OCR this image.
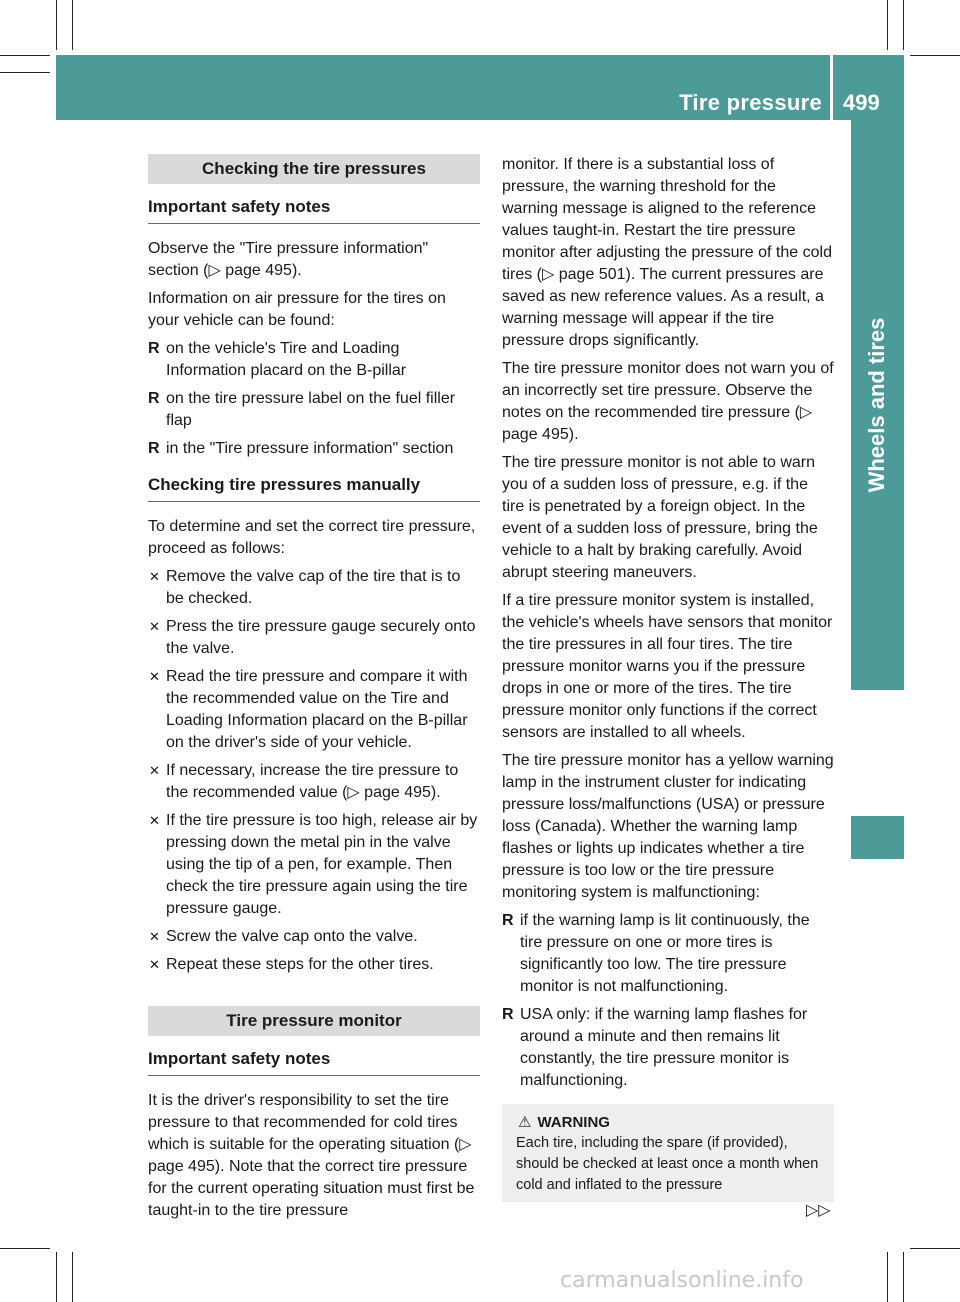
Tire pressure 499
Wheels and tires
Checking the tire pressures
Important safety notes

Observe the "Tire pressure information" section (▷ page 495).

Information on air pressure for the tires on your vehicle can be found:

R on the vehicle's Tire and Loading Information placard on the B-pillar
R on the tire pressure label on the fuel filler flap
R in the "Tire pressure information" section
Checking tire pressures manually

To determine and set the correct tire pressure, proceed as follows:

✕ Remove the valve cap of the tire that is to be checked.
✕ Press the tire pressure gauge securely onto the valve.
✕ Read the tire pressure and compare it with the recommended value on the Tire and Loading Information placard on the B-pillar on the driver's side of your vehicle.
✕ If necessary, increase the tire pressure to the recommended value (▷ page 495).
✕ If the tire pressure is too high, release air by pressing down the metal pin in the valve using the tip of a pen, for example. Then check the tire pressure again using the tire pressure gauge.
✕ Screw the valve cap onto the valve.
✕ Repeat these steps for the other tires.
Tire pressure monitor
Important safety notes

It is the driver's responsibility to set the tire pressure to that recommended for cold tires which is suitable for the operating situation (▷ page 495). Note that the correct tire pressure for the current operating situation must first be taught-in to the tire pressure

monitor. If there is a substantial loss of pressure, the warning threshold for the warning message is aligned to the reference values taught-in. Restart the tire pressure monitor after adjusting the pressure of the cold tires (▷ page 501). The current pressures are saved as new reference values. As a result, a warning message will appear if the tire pressure drops significantly.

The tire pressure monitor does not warn you of an incorrectly set tire pressure. Observe the notes on the recommended tire pressure (▷ page 495).

The tire pressure monitor is not able to warn you of a sudden loss of pressure, e.g. if the tire is penetrated by a foreign object. In the event of a sudden loss of pressure, bring the vehicle to a halt by braking carefully. Avoid abrupt steering maneuvers.

If a tire pressure monitor system is installed, the vehicle's wheels have sensors that monitor the tire pressures in all four tires. The tire pressure monitor warns you if the pressure drops in one or more of the tires. The tire pressure monitor only functions if the correct sensors are installed to all wheels.

The tire pressure monitor has a yellow warning lamp in the instrument cluster for indicating pressure loss/malfunctions (USA) or pressure loss (Canada). Whether the warning lamp flashes or lights up indicates whether a tire pressure is too low or the tire pressure monitoring system is malfunctioning:

R if the warning lamp is lit continuously, the tire pressure on one or more tires is significantly too low. The tire pressure monitor is not malfunctioning.
R USA only: if the warning lamp flashes for around a minute and then remains lit constantly, the tire pressure monitor is malfunctioning.
⚠ WARNING
Each tire, including the spare (if provided), should be checked at least once a month when cold and inflated to the pressure
▷▷
carmanualsonline.info
